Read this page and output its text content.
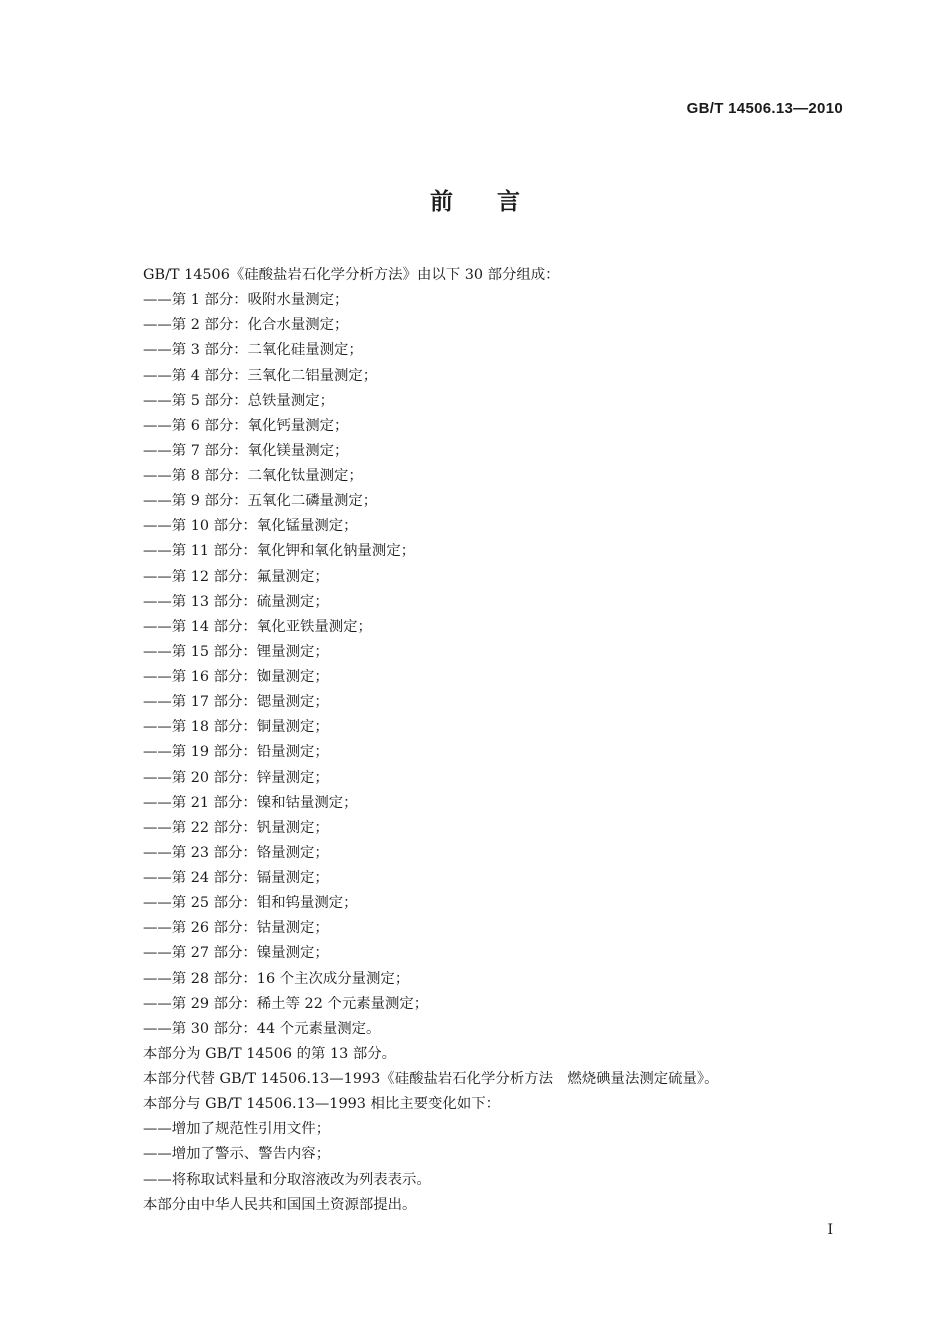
GB/T 14506.13—2010
前言
GB/T 14506《硅酸盐岩石化学分析方法》由以下 30 部分组成：
——第 1 部分：吸附水量测定；
——第 2 部分：化合水量测定；
——第 3 部分：二氧化硅量测定；
——第 4 部分：三氧化二铝量测定；
——第 5 部分：总铁量测定；
——第 6 部分：氧化钙量测定；
——第 7 部分：氧化镁量测定；
——第 8 部分：二氧化钛量测定；
——第 9 部分：五氧化二磷量测定；
——第 10 部分：氧化锰量测定；
——第 11 部分：氧化钾和氧化钠量测定；
——第 12 部分：氟量测定；
——第 13 部分：硫量测定；
——第 14 部分：氧化亚铁量测定；
——第 15 部分：锂量测定；
——第 16 部分：铷量测定；
——第 17 部分：锶量测定；
——第 18 部分：铜量测定；
——第 19 部分：铅量测定；
——第 20 部分：锌量测定；
——第 21 部分：镍和钴量测定；
——第 22 部分：钒量测定；
——第 23 部分：铬量测定；
——第 24 部分：镉量测定；
——第 25 部分：钼和钨量测定；
——第 26 部分：钴量测定；
——第 27 部分：镍量测定；
——第 28 部分：16 个主次成分量测定；
——第 29 部分：稀土等 22 个元素量测定；
——第 30 部分：44 个元素量测定。
本部分为 GB/T 14506 的第 13 部分。
本部分代替 GB/T 14506.13—1993《硅酸盐岩石化学分析方法　燃烧碘量法测定硫量》。
本部分与 GB/T 14506.13—1993 相比主要变化如下：
——增加了规范性引用文件；
——增加了警示、警告内容；
——将称取试料量和分取溶液改为列表表示。
本部分由中华人民共和国国土资源部提出。
I
